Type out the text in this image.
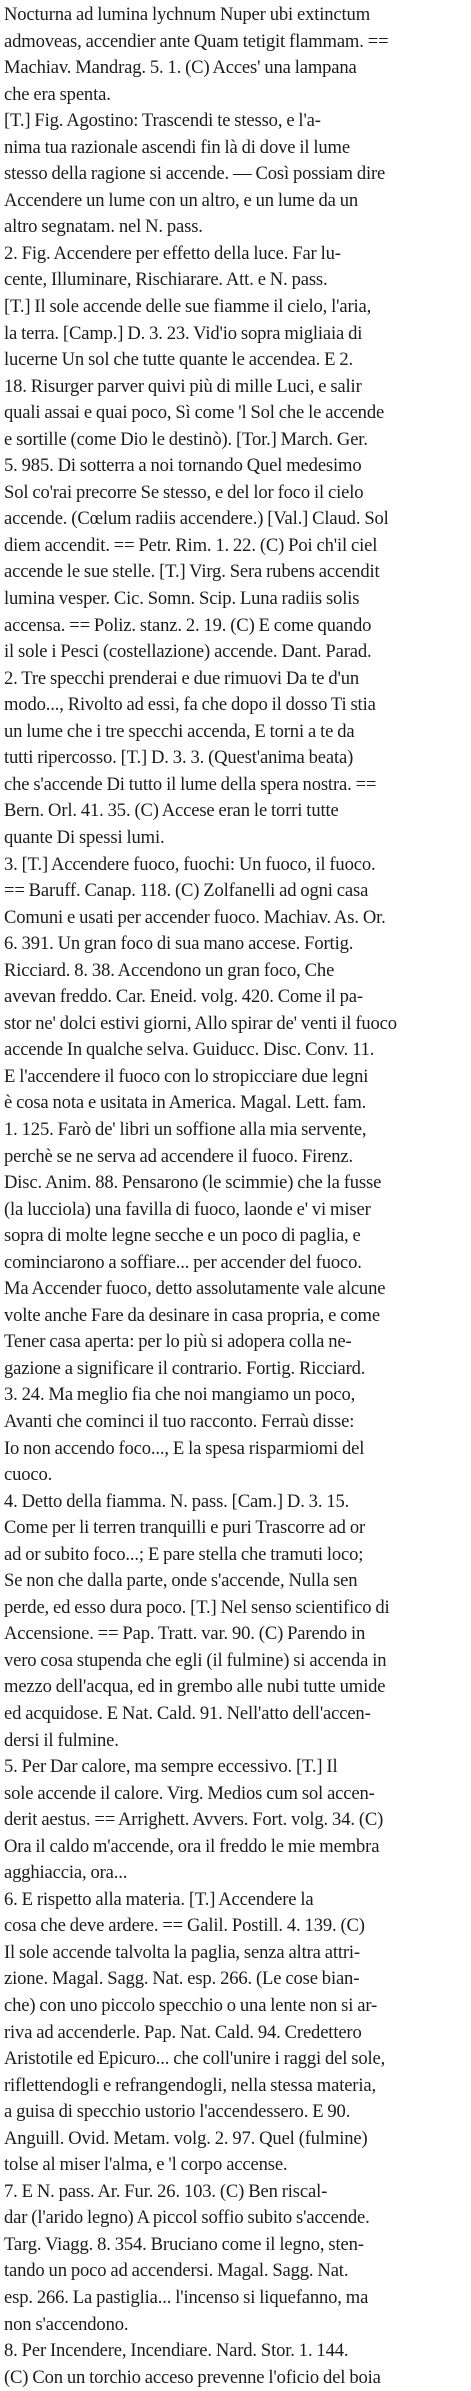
Nocturna ad lumina lychnum Nuper ubi extinctum
admoveas, accendier ante Quam tetigit flammam. ==
Machiav. Mandrag. 5. 1. (C) Acces' una lampana
che era spenta.
[T.] Fig. Agostino: Trascendi te stesso, e l'a-
nima tua razionale ascendi fin là di dove il lume
stesso della ragione si accende. — Così possiam dire
Accendere un lume con un altro, e un lume da un
altro segnatam. nel N. pass.
2. Fig. Accendere per effetto della luce. Far lu-
cente, Illuminare, Rischiarare. Att. e N. pass.
[T.] Il sole accende delle sue fiamme il cielo, l'aria,
la terra. [Camp.] D. 3. 23. Vid'io sopra migliaia di
lucerne Un sol che tutte quante le accendea. E 2.
18. Risurger parver quivi più di mille Luci, e salir
quali assai e quai poco, Sì come 'l Sol che le accende
e sortille (come Dio le destinò). [Tor.] March. Ger.
5. 985. Di sotterra a noi tornando Quel medesimo
Sol co'rai precorre Se stesso, e del lor foco il cielo
accende. (Cœlum radiis accendere.) [Val.] Claud. Sol
diem accendit. == Petr. Rim. 1. 22. (C) Poi ch'il ciel
accende le sue stelle. [T.] Virg. Sera rubens accendit
lumina vesper. Cic. Somn. Scip. Luna radiis solis
accensa. == Poliz. stanz. 2. 19. (C) E come quando
il sole i Pesci (costellazione) accende. Dant. Parad.
2. Tre specchi prenderai e due rimuovi Da te d'un
modo..., Rivolto ad essi, fa che dopo il dosso Ti stia
un lume che i tre specchi accenda, E torni a te da
tutti ripercosso. [T.] D. 3. 3. (Quest'anima beata)
che s'accende Di tutto il lume della spera nostra. ==
Bern. Orl. 41. 35. (C) Accese eran le torri tutte
quante Di spessi lumi.
3. [T.] Accendere fuoco, fuochi: Un fuoco, il fuoco.
== Baruff. Canap. 118. (C) Zolfanelli ad ogni casa
Comuni e usati per accender fuoco. Machiav. As. Or.
6. 391. Un gran foco di sua mano accese. Fortig.
Ricciard. 8. 38. Accendono un gran foco, Che
avevan freddo. Car. Eneid. volg. 420. Come il pa-
stor ne' dolci estivi giorni, Allo spirar de' venti il fuoco
accende In qualche selva. Guiducc. Disc. Conv. 11.
E l'accendere il fuoco con lo stropicciare due legni
è cosa nota e usitata in America. Magal. Lett. fam.
1. 125. Farò de' libri un soffione alla mia servente,
perchè se ne serva ad accendere il fuoco. Firenz.
Disc. Anim. 88. Pensarono (le scimmie) che la fusse
(la lucciola) una favilla di fuoco, laonde e' vi miser
sopra di molte legne secche e un poco di paglia, e
cominciarono a soffiare... per accender del fuoco.
Ma Accender fuoco, detto assolutamente vale alcune
volte anche Fare da desinare in casa propria, e come
Tener casa aperta: per lo più si adopera colla ne-
gazione a significare il contrario. Fortig. Ricciard.
3. 24. Ma meglio fia che noi mangiamo un poco,
Avanti che cominci il tuo racconto. Ferraù disse:
Io non accendo foco..., E la spesa risparmiomi del
cuoco.
4. Detto della fiamma. N. pass. [Cam.] D. 3. 15.
Come per li terren tranquilli e puri Trascorre ad or
ad or subito foco...; E pare stella che tramuti loco;
Se non che dalla parte, onde s'accende, Nulla sen
perde, ed esso dura poco. [T.] Nel senso scientifico di
Accensione. == Pap. Tratt. var. 90. (C) Parendo in
vero cosa stupenda che egli (il fulmine) si accenda in
mezzo dell'acqua, ed in grembo alle nubi tutte umide
ed acquidose. E Nat. Cald. 91. Nell'atto dell'accen-
dersi il fulmine.
5. Per Dar calore, ma sempre eccessivo. [T.] Il
sole accende il calore. Virg. Medios cum sol accen-
derit aestus. == Arrighett. Avvers. Fort. volg. 34. (C)
Ora il caldo m'accende, ora il freddo le mie membra
agghiaccia, ora...
6. E rispetto alla materia. [T.] Accendere la
cosa che deve ardere. == Galil. Postill. 4. 139. (C)
Il sole accende talvolta la paglia, senza altra attri-
zione. Magal. Sagg. Nat. esp. 266. (Le cose bian-
che) con uno piccolo specchio o una lente non si ar-
riva ad accenderle. Pap. Nat. Cald. 94. Credettero
Aristotile ed Epicuro... che coll'unire i raggi del sole,
riflettendogli e refrangendogli, nella stessa materia,
a guisa di specchio ustorio l'accendessero. E 90.
Anguill. Ovid. Metam. volg. 2. 97. Quel (fulmine)
tolse al miser l'alma, e 'l corpo accense.
7. E N. pass. Ar. Fur. 26. 103. (C) Ben riscal-
dar (l'arido legno) A piccol soffio subito s'accende.
Targ. Viagg. 8. 354. Bruciano come il legno, sten-
tando un poco ad accendersi. Magal. Sagg. Nat.
esp. 266. La pastiglia... l'incenso si liquefanno, ma
non s'accendono.
8. Per Incendere, Incendiare. Nard. Stor. 1. 144.
(C) Con un torchio acceso prevenne l'oficio del boia
